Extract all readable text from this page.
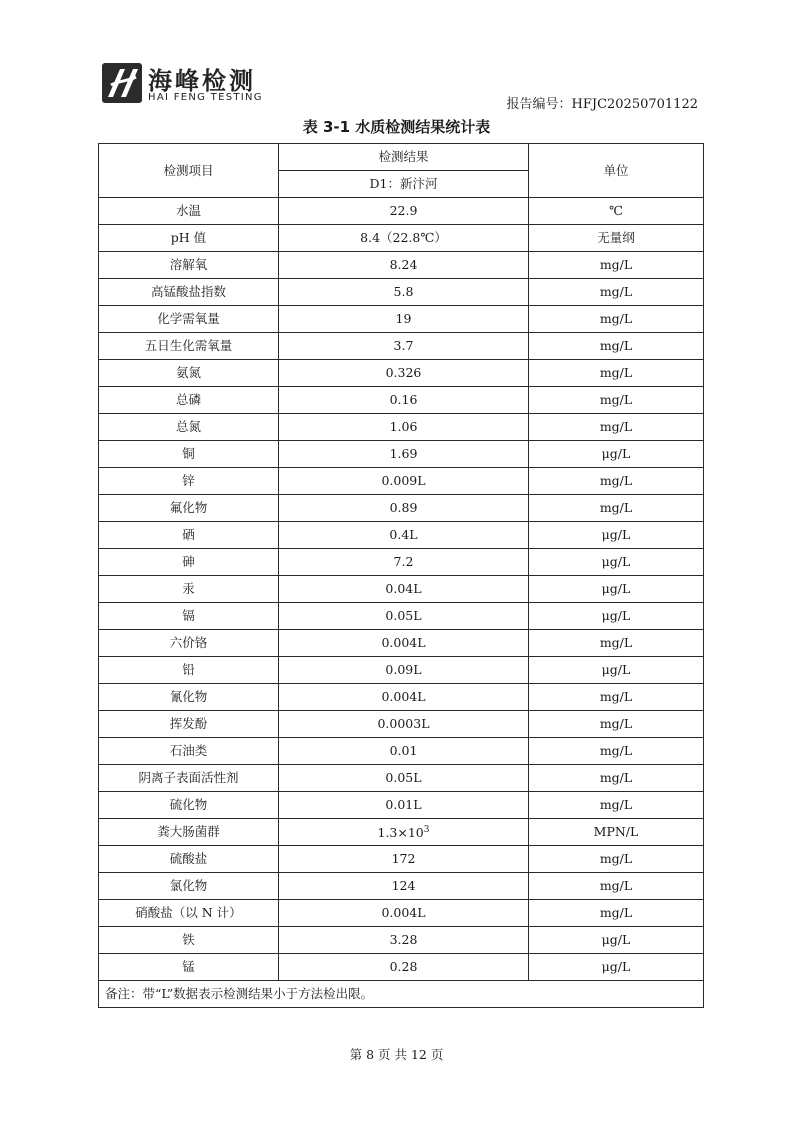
海峰检测
HAI FENG TESTING	报告编号：HFJC20250701122
表 3-1 水质检测结果统计表
检测项目	检测结果	单位
	D1：新汴河	
水温	22.9	℃
pH 值	8.4（22.8℃）	无量纲
溶解氧	8.24	mg/L
高锰酸盐指数	5.8	mg/L
化学需氧量	19	mg/L
五日生化需氧量	3.7	mg/L
氨氮	0.326	mg/L
总磷	0.16	mg/L
总氮	1.06	mg/L
铜	1.69	μg/L
锌	0.009L	mg/L
氟化物	0.89	mg/L
硒	0.4L	μg/L
砷	7.2	μg/L
汞	0.04L	μg/L
镉	0.05L	μg/L
六价铬	0.004L	mg/L
铅	0.09L	μg/L
氰化物	0.004L	mg/L
挥发酚	0.0003L	mg/L
石油类	0.01	mg/L
阴离子表面活性剂	0.05L	mg/L
硫化物	0.01L	mg/L
粪大肠菌群	$1.3\times 10^3$	MPN/L
硫酸盐	172	mg/L
氯化物	124	mg/L
硝酸盐（以 N 计）	0.004L	mg/L
铁	3.28	μg/L
锰	0.28	μg/L
备注：带“L”数据表示检测结果小于方法检出限。		
第 8 页 共 12 页
